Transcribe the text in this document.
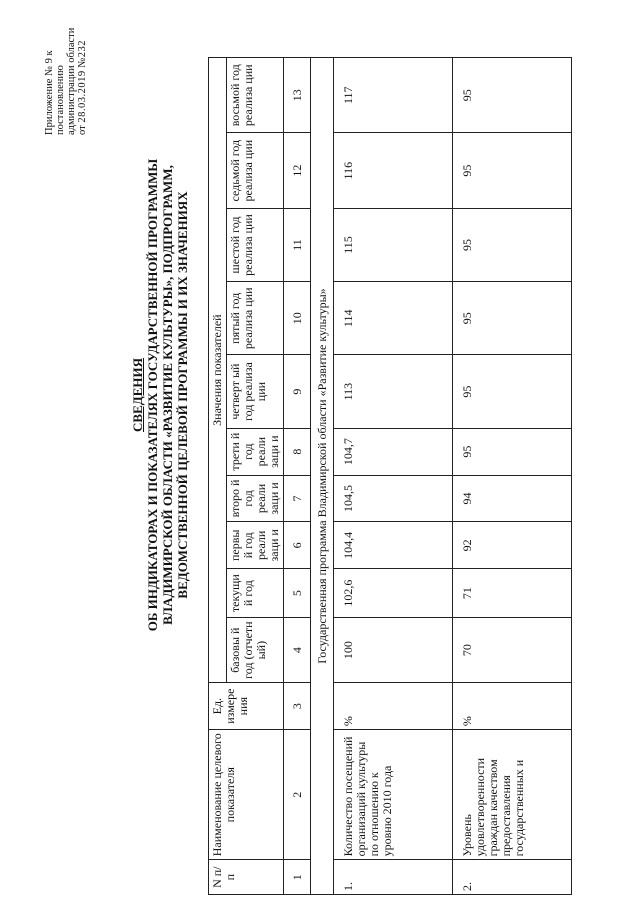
Приложение № 9 к постановлению администрации области от 28.03.2019 №232
СВЕДЕНИЯ ОБ ИНДИКАТОРАХ И ПОКАЗАТЕЛЯХ ГОСУДАРСТВЕННОЙ ПРОГРАММЫ ВЛАДИМИРСКОЙ ОБЛАСТИ «РАЗВИТИЕ КУЛЬТУРЫ», ПОДПРОГРАММ, ВЕДОМСТВЕННОЙ ЦЕЛЕВОЙ ПРОГРАММЫ И ИХ ЗНАЧЕНИЯХ
N п/п	Наименование целевого показателя	Ед. измере ния	Значения показателей									
			базовы й год (отчетн ый)	текущи й год	первы й год реали заци и	второ й год реали заци и	трети й год реали заци и	четверт ый год реализа ции	пятый год реализа ции	шестой год реализа ции	седьмой год реализа ции	восьмой год реализа ции
1	2	3	4	5	6	7	8	9	10	11	12	13
Государственная программа Владимирской области «Развитие культуры»												
1.	Количество посещений организаций культуры по отношению к уровню 2010 года	%	100	102,6	104,4	104,5	104,7	113	114	115	116	117
2.	Уровень удовлетворенности граждан качеством предоставления государственных и	%	70	71	92	94	95	95	95	95	95	95
